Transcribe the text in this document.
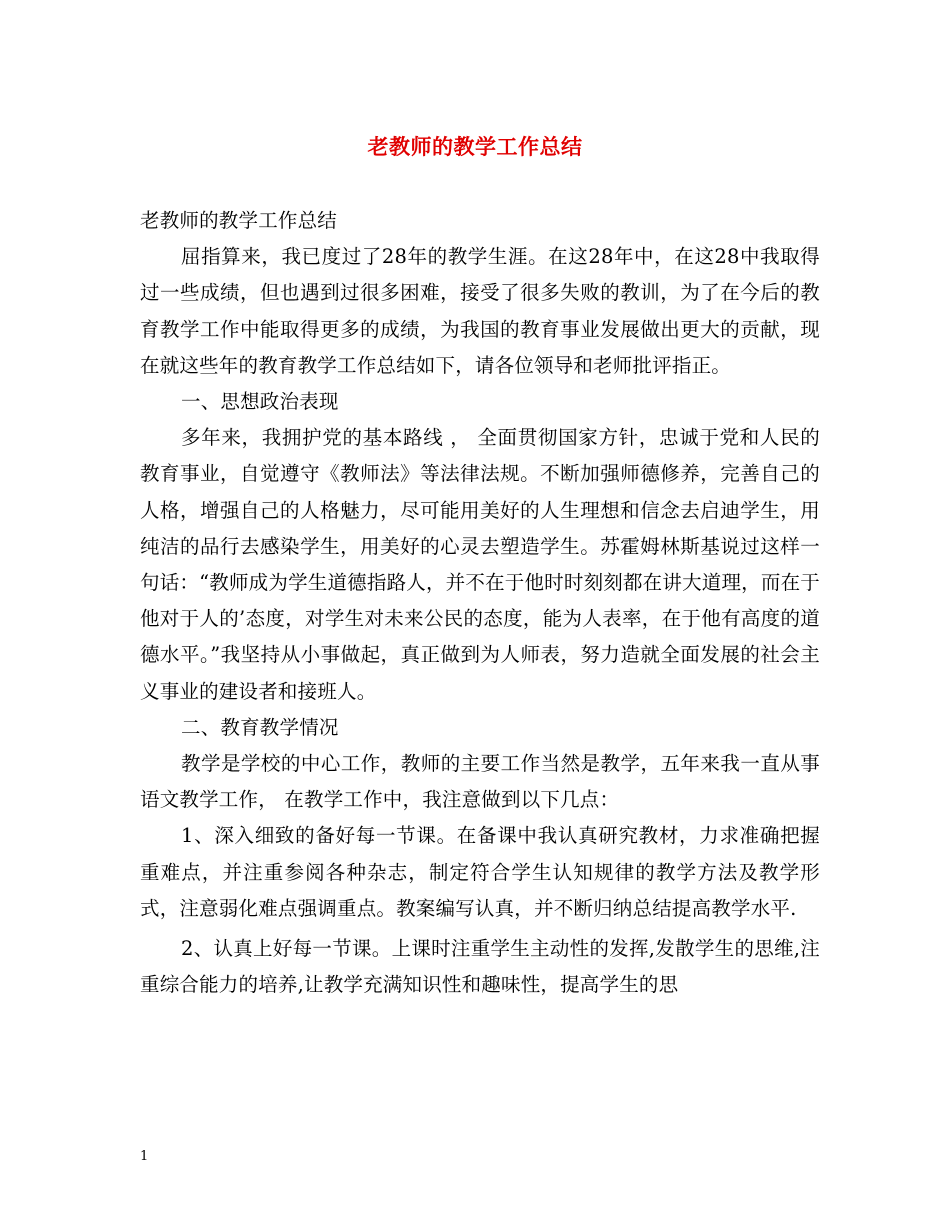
老教师的教学工作总结

老教师的教学工作总结

屈指算来，我已度过了28年的教学生涯。在这28年中，在这28中我取得过一些成绩，但也遇到过很多困难，接受了很多失败的教训，为了在今后的教育教学工作中能取得更多的成绩，为我国的教育事业发展做出更大的贡献，现在就这些年的教育教学工作总结如下，请各位领导和老师批评指正。

一、思想政治表现

多年来，我拥护党的基本路线 ， 全面贯彻国家方针，忠诚于党和人民的教育事业，自觉遵守《教师法》等法律法规。不断加强师德修养，完善自己的人格，增强自己的人格魅力，尽可能用美好的人生理想和信念去启迪学生，用纯洁的品行去感染学生，用美好的心灵去塑造学生。苏霍姆林斯基说过这样一句话：“教师成为学生道德指路人，并不在于他时时刻刻都在讲大道理，而在于他对于人的’态度，对学生对未来公民的态度，能为人表率，在于他有高度的道德水平。”我坚持从小事做起，真正做到为人师表，努力造就全面发展的社会主义事业的建设者和接班人。

二、教育教学情况

教学是学校的中心工作，教师的主要工作当然是教学，五年来我一直从事语文教学工作， 在教学工作中，我注意做到以下几点：

1、深入细致的备好每一节课。在备课中我认真研究教材，力求准确把握重难点，并注重参阅各种杂志，制定符合学生认知规律的教学方法及教学形式，注意弱化难点强调重点。教案编写认真，并不断归纳总结提高教学水平.

2、认真上好每一节课。上课时注重学生主动性的发挥,发散学生的思维,注重综合能力的培养,让教学充满知识性和趣味性，提高学生的思

1
